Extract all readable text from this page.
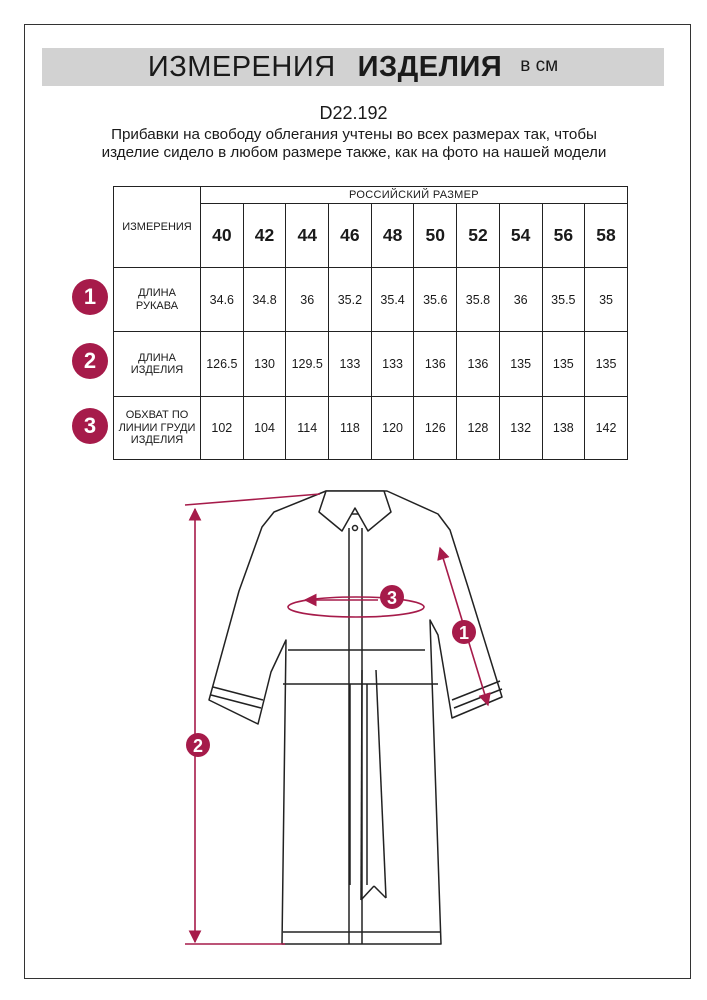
ИЗМЕРЕНИЯ ИЗДЕЛИЯ в см
D22.192
Прибавки на свободу облегания учтены во всех размерах так, чтобы изделие сидело в любом размере также, как на фото на нашей модели
ИЗМЕРЕНИЯ	РОССИЙСКИЙ РАЗМЕР									
	40	42	44	46	48	50	52	54	56	58
ДЛИНА
РУКАВА	34.6	34.8	36	35.2	35.4	35.6	35.8	36	35.5	35
ДЛИНА
ИЗДЕЛИЯ	126.5	130	129.5	133	133	136	136	135	135	135
ОБХВАТ ПО
ЛИНИИ ГРУДИ
ИЗДЕЛИЯ	102	104	114	118	120	126	128	132	138	142
1
2
3
3
1
2
